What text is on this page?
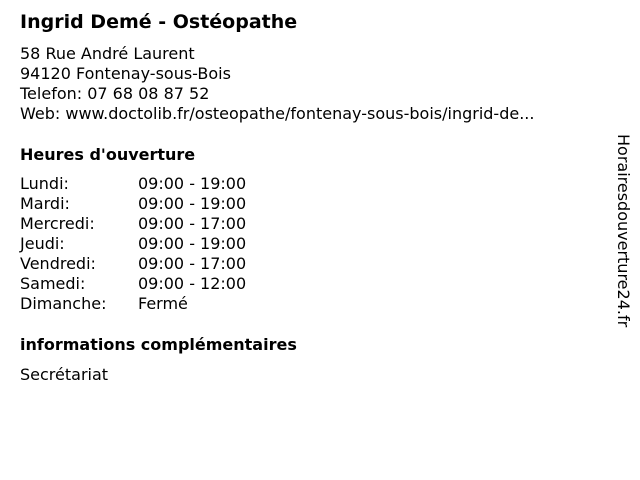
Ingrid Demé - Ostéopathe
58 Rue André Laurent
94120 Fontenay-sous-Bois
Telefon: 07 68 08 87 52
Web: www.doctolib.fr/osteopathe/fontenay-sous-bois/ingrid-de...
Heures d'ouverture
Lundi:	09:00 - 19:00
Mardi:	09:00 - 19:00
Mercredi:	09:00 - 17:00
Jeudi:	09:00 - 19:00
Vendredi:	09:00 - 17:00
Samedi:	09:00 - 12:00
Dimanche:	Fermé
informations complémentaires
Secrétariat
Horairesdouverture24.fr
